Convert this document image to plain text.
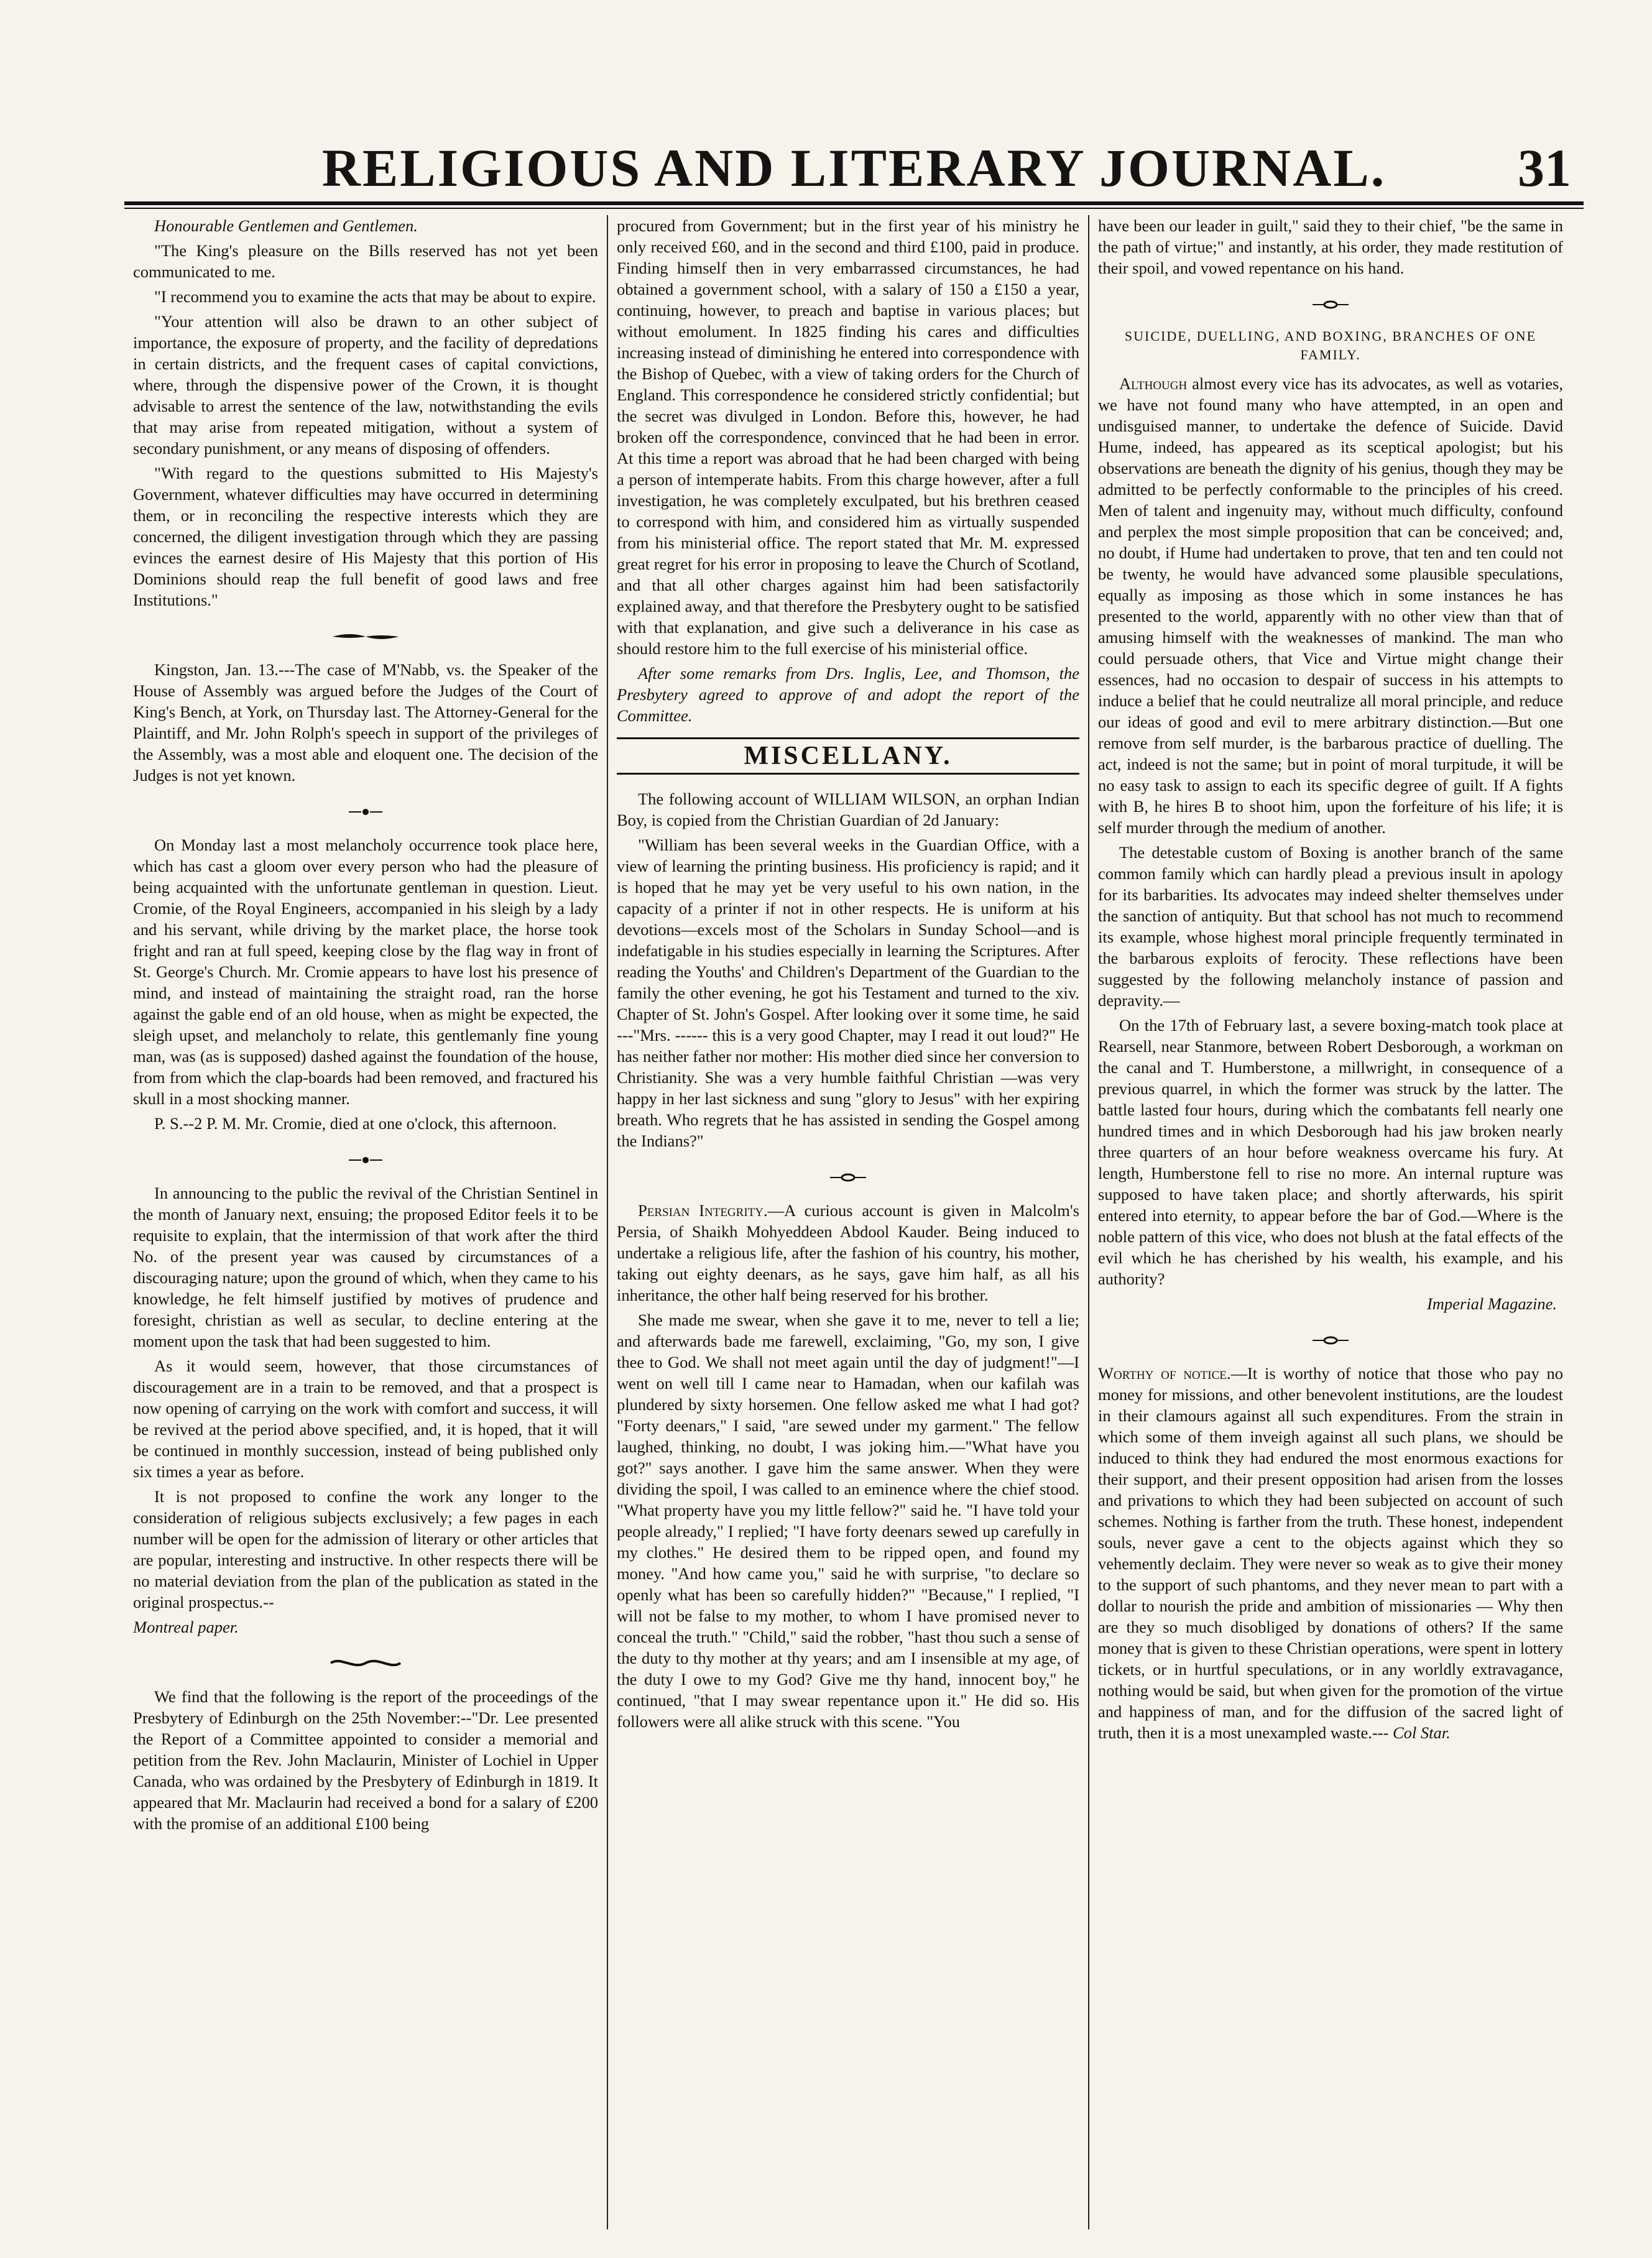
RELIGIOUS AND LITERARY JOURNAL.	31

Honourable Gentlemen and Gentlemen.

"The King's pleasure on the Bills reserved has not yet been communicated to me.

"I recommend you to examine the acts that may be about to expire.

"Your attention will also be drawn to an other subject of importance, the exposure of property, and the facility of depredations in certain districts, and the frequent cases of capital convictions, where, through the dispensive power of the Crown, it is thought advisable to arrest the sentence of the law, notwithstanding the evils that may arise from repeated mitigation, without a system of secondary punishment, or any means of disposing of offenders.

"With regard to the questions submitted to His Majesty's Government, whatever difficulties may have occurred in determining them, or in reconciling the respective interests which they are concerned, the diligent investigation through which they are passing evinces the earnest desire of His Majesty that this portion of His Dominions should reap the full benefit of good laws and free Institutions."

Kingston, Jan. 13.---The case of M'Nabb, vs. the Speaker of the House of Assembly was argued before the Judges of the Court of King's Bench, at York, on Thursday last. The Attorney-General for the Plaintiff, and Mr. John Rolph's speech in support of the privileges of the Assembly, was a most able and eloquent one. The decision of the Judges is not yet known.

On Monday last a most melancholy occurrence took place here, which has cast a gloom over every person who had the pleasure of being acquainted with the unfortunate gentleman in question. Lieut. Cromie, of the Royal Engineers, accompanied in his sleigh by a lady and his servant, while driving by the market place, the horse took fright and ran at full speed, keeping close by the flag way in front of St. George's Church. Mr. Cromie appears to have lost his presence of mind, and instead of maintaining the straight road, ran the horse against the gable end of an old house, when as might be expected, the sleigh upset, and melancholy to relate, this gentlemanly fine young man, was (as is supposed) dashed against the foundation of the house, from from which the clap-boards had been removed, and fractured his skull in a most shocking manner.

P. S.--2 P. M. Mr. Cromie, died at one o'clock, this afternoon.

In announcing to the public the revival of the Christian Sentinel in the month of January next, ensuing; the proposed Editor feels it to be requisite to explain, that the intermission of that work after the third No. of the present year was caused by circumstances of a discouraging nature; upon the ground of which, when they came to his knowledge, he felt himself justified by motives of prudence and foresight, christian as well as secular, to decline entering at the moment upon the task that had been suggested to him.

As it would seem, however, that those circumstances of discouragement are in a train to be removed, and that a prospect is now opening of carrying on the work with comfort and success, it will be revived at the period above specified, and, it is hoped, that it will be continued in monthly succession, instead of being published only six times a year as before.

It is not proposed to confine the work any longer to the consideration of religious subjects exclusively; a few pages in each number will be open for the admission of literary or other articles that are popular, interesting and instructive. In other respects there will be no material deviation from the plan of the publication as stated in the original prospectus.--

Montreal paper.

We find that the following is the report of the proceedings of the Presbytery of Edinburgh on the 25th November:--"Dr. Lee presented the Report of a Committee appointed to consider a memorial and petition from the Rev. John Maclaurin, Minister of Lochiel in Upper Canada, who was ordained by the Presbytery of Edinburgh in 1819. It appeared that Mr. Maclaurin had received a bond for a salary of £200 with the promise of an additional £100 being

procured from Government; but in the first year of his ministry he only received £60, and in the second and third £100, paid in produce. Finding himself then in very embarrassed circumstances, he had obtained a government school, with a salary of 150 a £150 a year, continuing, however, to preach and baptise in various places; but without emolument. In 1825 finding his cares and difficulties increasing instead of diminishing he entered into correspondence with the Bishop of Quebec, with a view of taking orders for the Church of England. This correspondence he considered strictly confidential; but the secret was divulged in London. Before this, however, he had broken off the correspondence, convinced that he had been in error. At this time a report was abroad that he had been charged with being a person of intemperate habits. From this charge however, after a full investigation, he was completely exculpated, but his brethren ceased to correspond with him, and considered him as virtually suspended from his ministerial office. The report stated that Mr. M. expressed great regret for his error in proposing to leave the Church of Scotland, and that all other charges against him had been satisfactorily explained away, and that therefore the Presbytery ought to be satisfied with that explanation, and give such a deliverance in his case as should restore him to the full exercise of his ministerial office.

After some remarks from Drs. Inglis, Lee, and Thomson, the Presbytery agreed to approve of and adopt the report of the Committee.

MISCELLANY.

The following account of WILLIAM WILSON, an orphan Indian Boy, is copied from the Christian Guardian of 2d January:

"William has been several weeks in the Guardian Office, with a view of learning the printing business. His proficiency is rapid; and it is hoped that he may yet be very useful to his own nation, in the capacity of a printer if not in other respects. He is uniform at his devotions—excels most of the Scholars in Sunday School—and is indefatigable in his studies especially in learning the Scriptures. After reading the Youths' and Children's Department of the Guardian to the family the other evening, he got his Testament and turned to the xiv. Chapter of St. John's Gospel. After looking over it some time, he said ---"Mrs. ------ this is a very good Chapter, may I read it out loud?" He has neither father nor mother: His mother died since her conversion to Christianity. She was a very humble faithful Christian —was very happy in her last sickness and sung "glory to Jesus" with her expiring breath. Who regrets that he has assisted in sending the Gospel among the Indians?"

Persian Integrity.—A curious account is given in Malcolm's Persia, of Shaikh Mohyeddeen Abdool Kauder. Being induced to undertake a religious life, after the fashion of his country, his mother, taking out eighty deenars, as he says, gave him half, as all his inheritance, the other half being reserved for his brother.

She made me swear, when she gave it to me, never to tell a lie; and afterwards bade me farewell, exclaiming, "Go, my son, I give thee to God. We shall not meet again until the day of judgment!"—I went on well till I came near to Hamadan, when our kafilah was plundered by sixty horsemen. One fellow asked me what I had got? "Forty deenars," I said, "are sewed under my garment." The fellow laughed, thinking, no doubt, I was joking him.—"What have you got?" says another. I gave him the same answer. When they were dividing the spoil, I was called to an eminence where the chief stood. "What property have you my little fellow?" said he. "I have told your people already," I replied; "I have forty deenars sewed up carefully in my clothes." He desired them to be ripped open, and found my money. "And how came you," said he with surprise, "to declare so openly what has been so carefully hidden?" "Because," I replied, "I will not be false to my mother, to whom I have promised never to conceal the truth." "Child," said the robber, "hast thou such a sense of the duty to thy mother at thy years; and am I insensible at my age, of the duty I owe to my God? Give me thy hand, innocent boy," he continued, "that I may swear repentance upon it." He did so. His followers were all alike struck with this scene. "You

have been our leader in guilt," said they to their chief, "be the same in the path of virtue;" and instantly, at his order, they made restitution of their spoil, and vowed repentance on his hand.

SUICIDE, DUELLING, AND BOXING, BRANCHES OF ONE FAMILY.

Although almost every vice has its advocates, as well as votaries, we have not found many who have attempted, in an open and undisguised manner, to undertake the defence of Suicide. David Hume, indeed, has appeared as its sceptical apologist; but his observations are beneath the dignity of his genius, though they may be admitted to be perfectly conformable to the principles of his creed. Men of talent and ingenuity may, without much difficulty, confound and perplex the most simple proposition that can be conceived; and, no doubt, if Hume had undertaken to prove, that ten and ten could not be twenty, he would have advanced some plausible speculations, equally as imposing as those which in some instances he has presented to the world, apparently with no other view than that of amusing himself with the weaknesses of mankind. The man who could persuade others, that Vice and Virtue might change their essences, had no occasion to despair of success in his attempts to induce a belief that he could neutralize all moral principle, and reduce our ideas of good and evil to mere arbitrary distinction.—But one remove from self murder, is the barbarous practice of duelling. The act, indeed is not the same; but in point of moral turpitude, it will be no easy task to assign to each its specific degree of guilt. If A fights with B, he hires B to shoot him, upon the forfeiture of his life; it is self murder through the medium of another.

The detestable custom of Boxing is another branch of the same common family which can hardly plead a previous insult in apology for its barbarities. Its advocates may indeed shelter themselves under the sanction of antiquity. But that school has not much to recommend its example, whose highest moral principle frequently terminated in the barbarous exploits of ferocity. These reflections have been suggested by the following melancholy instance of passion and depravity.—

On the 17th of February last, a severe boxing-match took place at Rearsell, near Stanmore, between Robert Desborough, a workman on the canal and T. Humberstone, a millwright, in consequence of a previous quarrel, in which the former was struck by the latter. The battle lasted four hours, during which the combatants fell nearly one hundred times and in which Desborough had his jaw broken nearly three quarters of an hour before weakness overcame his fury. At length, Humberstone fell to rise no more. An internal rupture was supposed to have taken place; and shortly afterwards, his spirit entered into eternity, to appear before the bar of God.—Where is the noble pattern of this vice, who does not blush at the fatal effects of the evil which he has cherished by his wealth, his example, and his authority?

Imperial Magazine.

Worthy of notice.—It is worthy of notice that those who pay no money for missions, and other benevolent institutions, are the loudest in their clamours against all such expenditures. From the strain in which some of them inveigh against all such plans, we should be induced to think they had endured the most enormous exactions for their support, and their present opposition had arisen from the losses and privations to which they had been subjected on account of such schemes. Nothing is farther from the truth. These honest, independent souls, never gave a cent to the objects against which they so vehemently declaim. They were never so weak as to give their money to the support of such phantoms, and they never mean to part with a dollar to nourish the pride and ambition of missionaries — Why then are they so much disobliged by donations of others? If the same money that is given to these Christian operations, were spent in lottery tickets, or in hurtful speculations, or in any worldly extravagance, nothing would be said, but when given for the promotion of the virtue and happiness of man, and for the diffusion of the sacred light of truth, then it is a most unexampled waste.--- Col Star.
